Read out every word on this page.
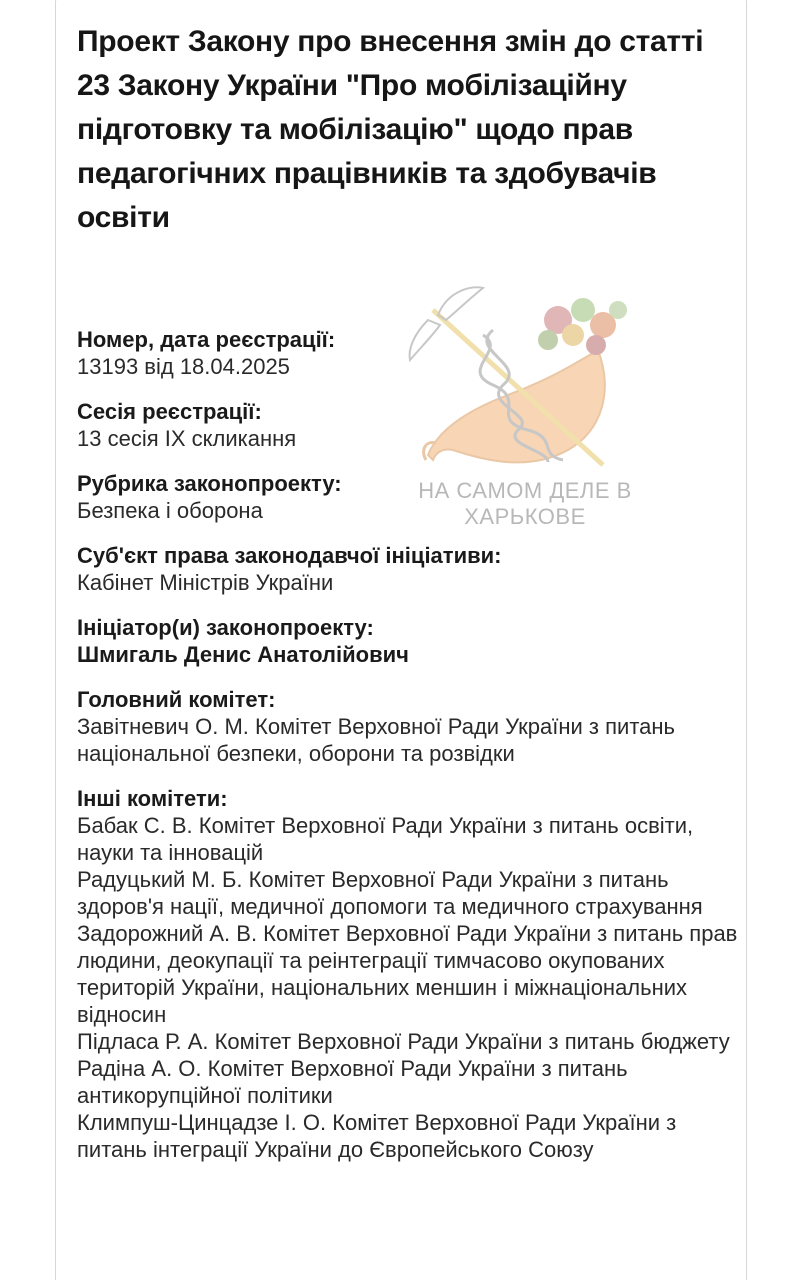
Проект Закону про внесення змін до статті 23 Закону України "Про мобілізаційну підготовку та мобілізацію" щодо прав педагогічних працівників та здобувачів освіти
НА САМОМ ДЕЛЕ В
ХАРЬКОВЕ
Номер, дата реєстрації:
13193 від 18.04.2025
Сесія реєстрації:
13 сесія IX скликання
Рубрика законопроекту:
Безпека і оборона
Суб'єкт права законодавчої ініціативи:
Кабінет Міністрів України
Ініціатор(и) законопроекту:
Шмигаль Денис Анатолійович
Головний комітет:
Завітневич О. М. Комітет Верховної Ради України з питань національної безпеки, оборони та розвідки
Інші комітети:
Бабак С. В. Комітет Верховної Ради України з питань освіти, науки та інновацій
Радуцький М. Б. Комітет Верховної Ради України з питань здоров'я нації, медичної допомоги та медичного страхування
Задорожний А. В. Комітет Верховної Ради України з питань прав людини, деокупації та реінтеграції тимчасово окупованих територій України, національних меншин і міжнаціональних відносин
Підласа Р. А. Комітет Верховної Ради України з питань бюджету
Радіна А. О. Комітет Верховної Ради України з питань антикорупційної політики
Климпуш-Цинцадзе І. О. Комітет Верховної Ради України з питань інтеграції України до Європейського Союзу
